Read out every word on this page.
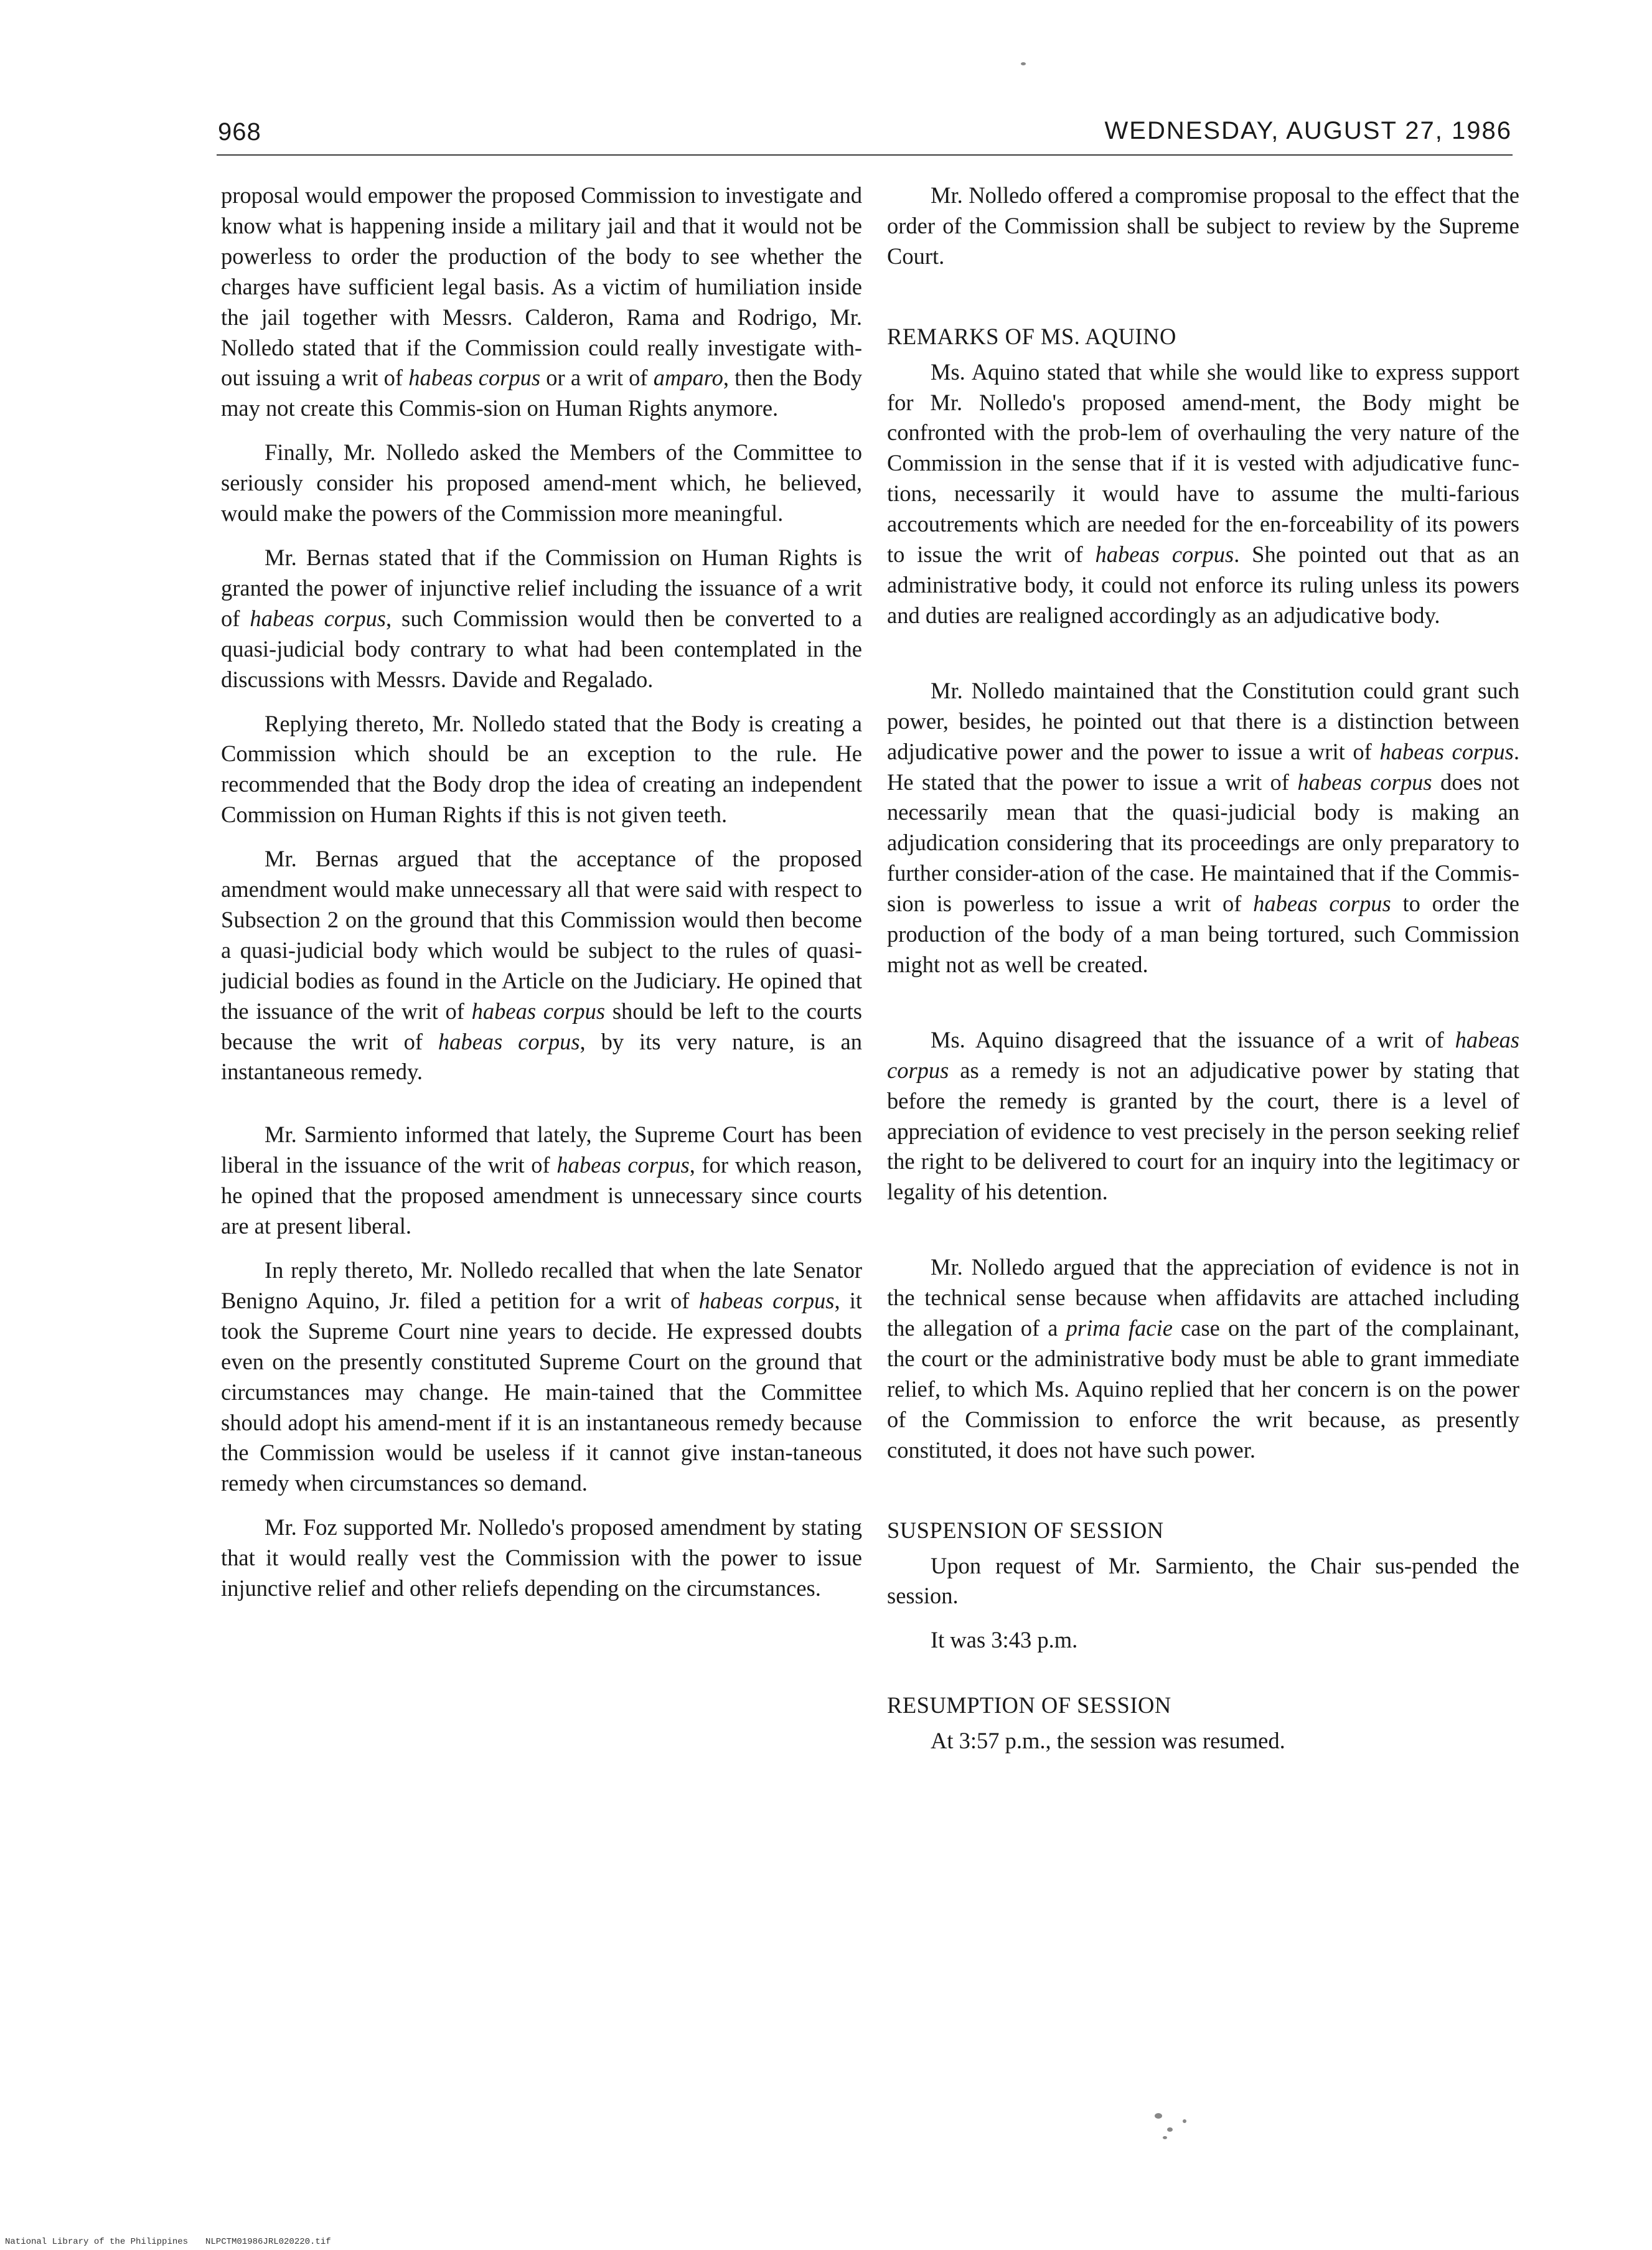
968	WEDNESDAY, AUGUST 27, 1986

proposal would empower the proposed Commission to investigate and know what is happening inside a military jail and that it would not be powerless to order the production of the body to see whether the charges have sufficient legal basis. As a victim of humiliation inside the jail together with Messrs. Calderon, Rama and Rodrigo, Mr. Nolledo stated that if the Commission could really investigate with-out issuing a writ of habeas corpus or a writ of amparo, then the Body may not create this Commis-sion on Human Rights anymore.

Finally, Mr. Nolledo asked the Members of the Committee to seriously consider his proposed amend-ment which, he believed, would make the powers of the Commission more meaningful.

Mr. Bernas stated that if the Commission on Human Rights is granted the power of injunctive relief including the issuance of a writ of habeas corpus, such Commission would then be converted to a quasi-judicial body contrary to what had been contemplated in the discussions with Messrs. Davide and Regalado.

Replying thereto, Mr. Nolledo stated that the Body is creating a Commission which should be an exception to the rule. He recommended that the Body drop the idea of creating an independent Commission on Human Rights if this is not given teeth.

Mr. Bernas argued that the acceptance of the proposed amendment would make unnecessary all that were said with respect to Subsection 2 on the ground that this Commission would then become a quasi-judicial body which would be subject to the rules of quasi-judicial bodies as found in the Article on the Judiciary. He opined that the issuance of the writ of habeas corpus should be left to the courts because the writ of habeas corpus, by its very nature, is an instantaneous remedy.

Mr. Sarmiento informed that lately, the Supreme Court has been liberal in the issuance of the writ of habeas corpus, for which reason, he opined that the proposed amendment is unnecessary since courts are at present liberal.

In reply thereto, Mr. Nolledo recalled that when the late Senator Benigno Aquino, Jr. filed a petition for a writ of habeas corpus, it took the Supreme Court nine years to decide. He expressed doubts even on the presently constituted Supreme Court on the ground that circumstances may change. He main-tained that the Committee should adopt his amend-ment if it is an instantaneous remedy because the Commission would be useless if it cannot give instan-taneous remedy when circumstances so demand.

Mr. Foz supported Mr. Nolledo's proposed amendment by stating that it would really vest the Commission with the power to issue injunctive relief and other reliefs depending on the circumstances.

Mr. Nolledo offered a compromise proposal to the effect that the order of the Commission shall be subject to review by the Supreme Court.

REMARKS OF MS. AQUINO

Ms. Aquino stated that while she would like to express support for Mr. Nolledo's proposed amend-ment, the Body might be confronted with the prob-lem of overhauling the very nature of the Commission in the sense that if it is vested with adjudicative func-tions, necessarily it would have to assume the multi-farious accoutrements which are needed for the en-forceability of its powers to issue the writ of habeas corpus. She pointed out that as an administrative body, it could not enforce its ruling unless its powers and duties are realigned accordingly as an adjudicative body.

Mr. Nolledo maintained that the Constitution could grant such power, besides, he pointed out that there is a distinction between adjudicative power and the power to issue a writ of habeas corpus. He stated that the power to issue a writ of habeas corpus does not necessarily mean that the quasi-judicial body is making an adjudication considering that its proceedings are only preparatory to further consider-ation of the case. He maintained that if the Commis-sion is powerless to issue a writ of habeas corpus to order the production of the body of a man being tortured, such Commission might not as well be created.

Ms. Aquino disagreed that the issuance of a writ of habeas corpus as a remedy is not an adjudicative power by stating that before the remedy is granted by the court, there is a level of appreciation of evidence to vest precisely in the person seeking relief the right to be delivered to court for an inquiry into the legitimacy or legality of his detention.

Mr. Nolledo argued that the appreciation of evidence is not in the technical sense because when affidavits are attached including the allegation of a prima facie case on the part of the complainant, the court or the administrative body must be able to grant immediate relief, to which Ms. Aquino replied that her concern is on the power of the Commission to enforce the writ because, as presently constituted, it does not have such power.

SUSPENSION OF SESSION

Upon request of Mr. Sarmiento, the Chair sus-pended the session.

It was 3:43 p.m.

RESUMPTION OF SESSION

At 3:57 p.m., the session was resumed.

National Library of the Philippines NLPCTM01986JRL020220.tif
